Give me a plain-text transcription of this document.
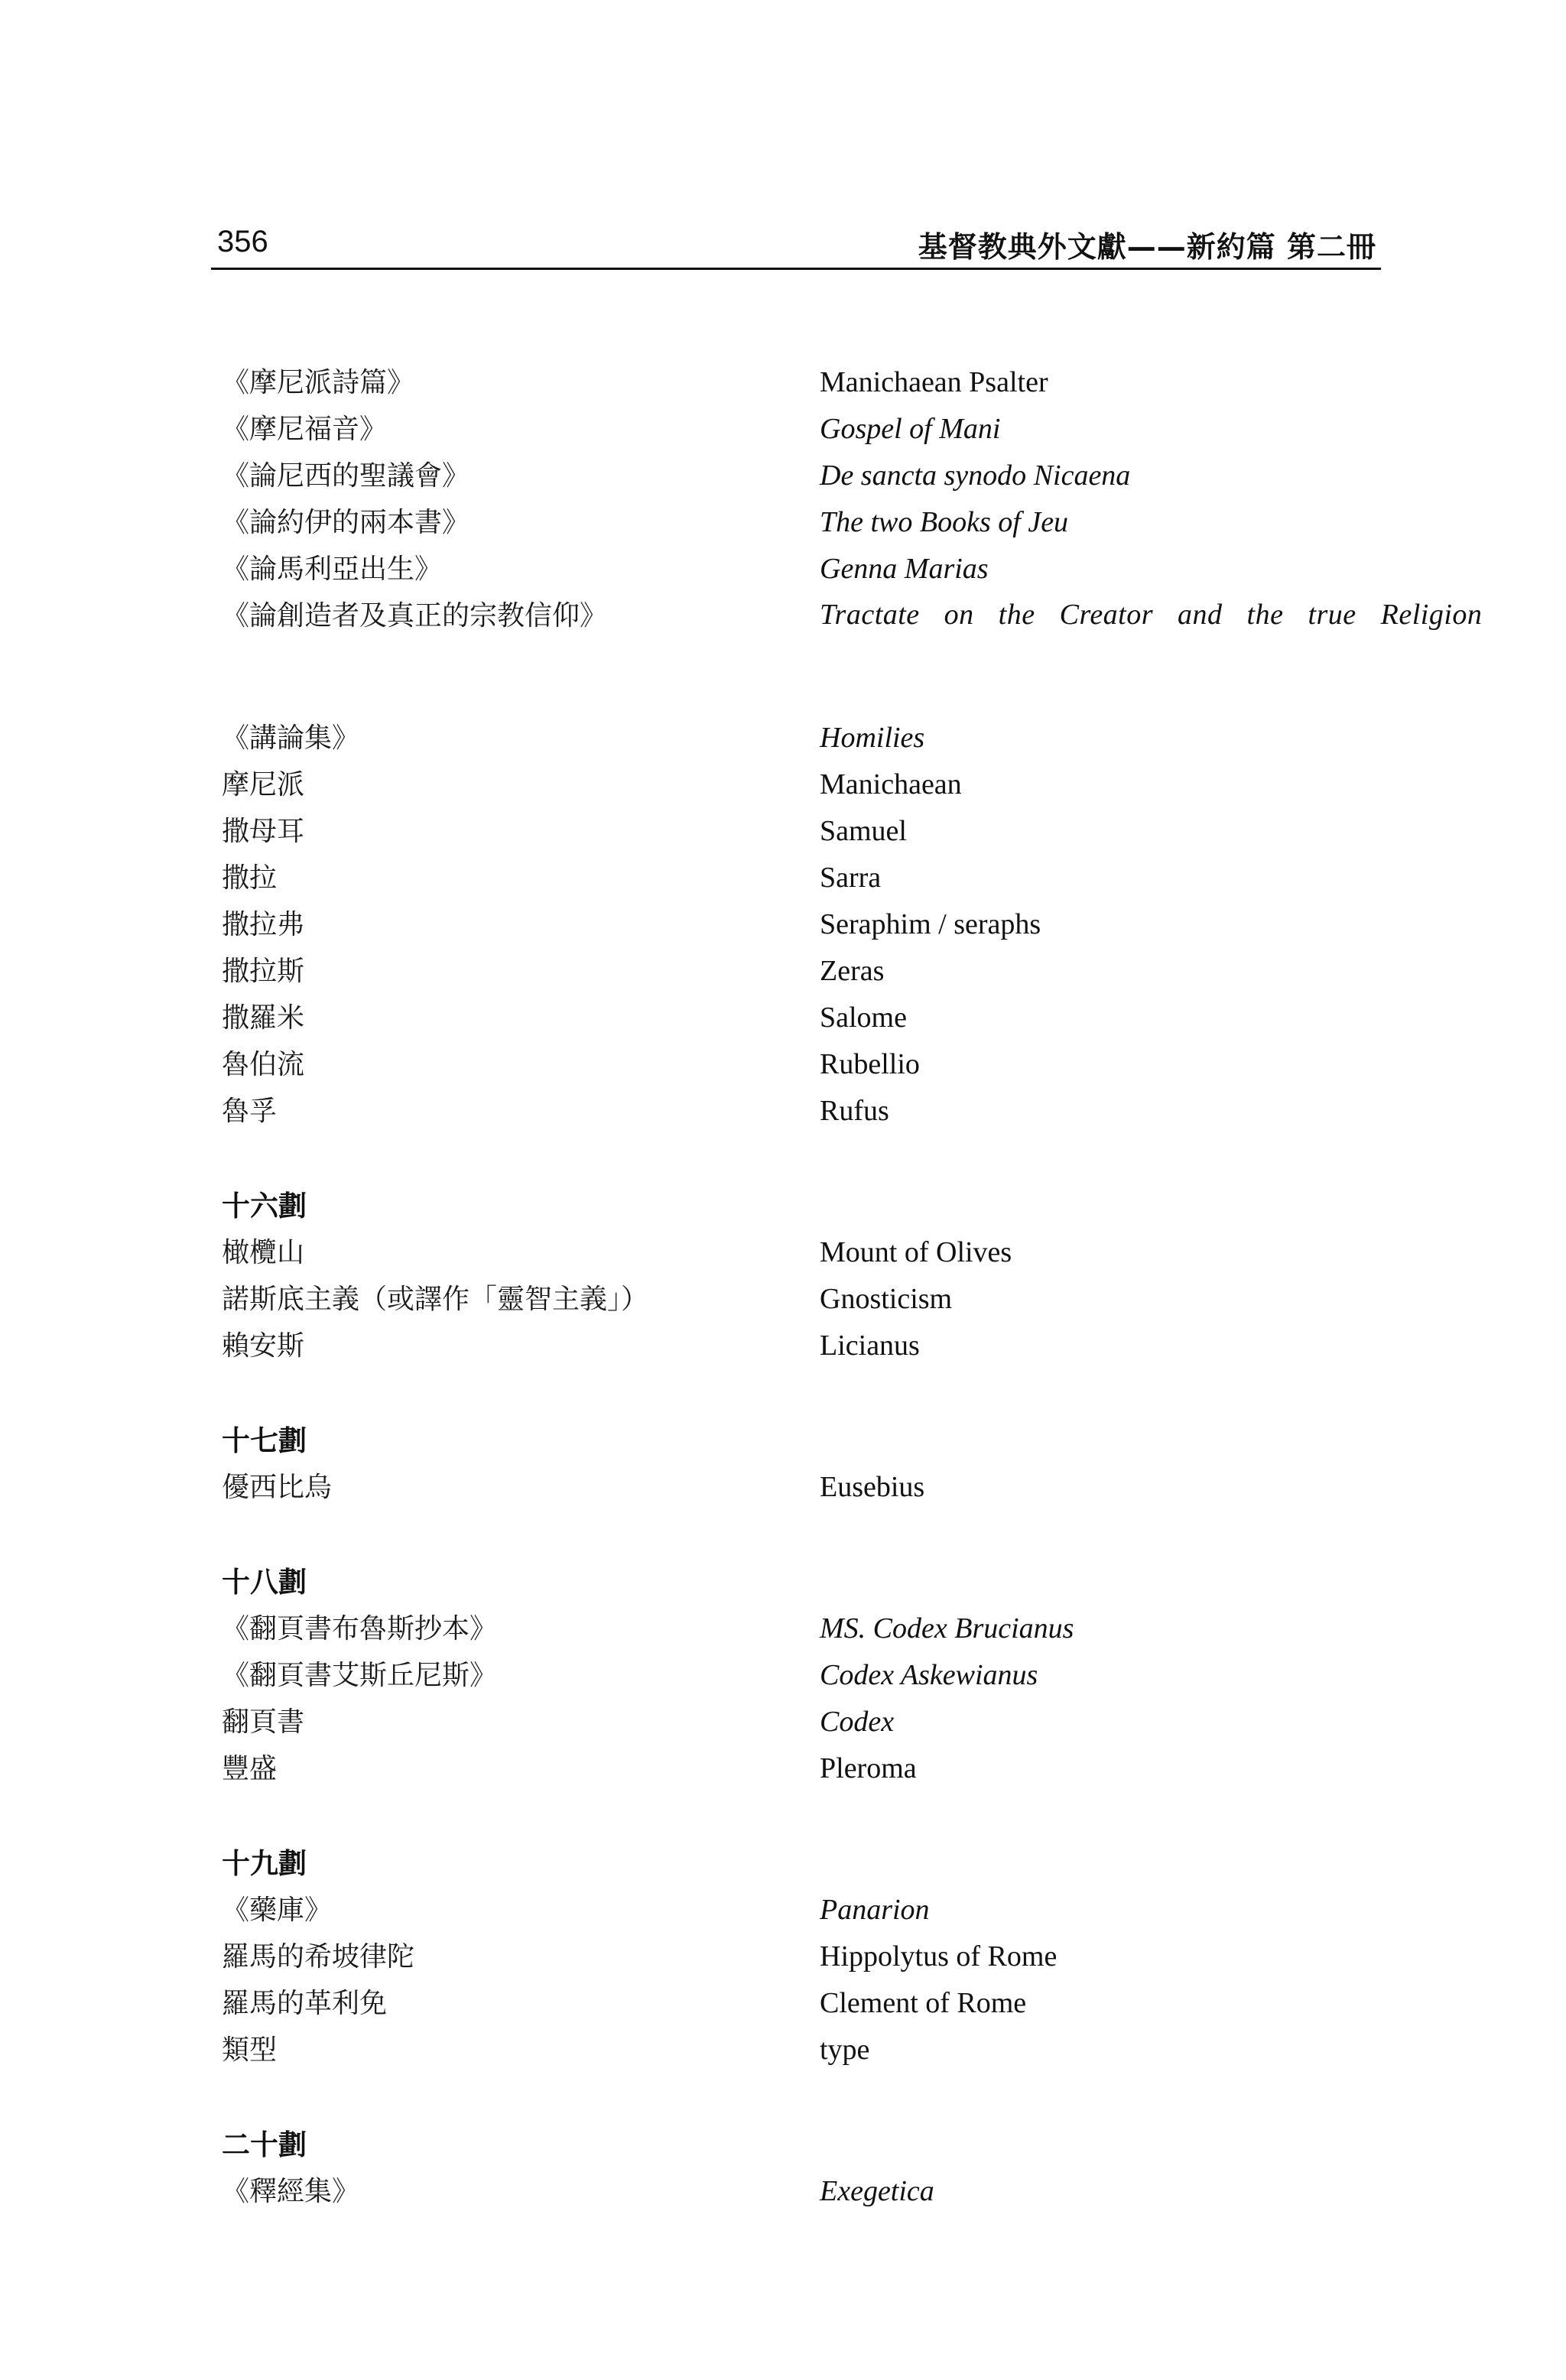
356	基督教典外文獻——新約篇 第二冊
《摩尼派詩篇》	Manichaean Psalter
《摩尼福音》	Gospel of Mani
《論尼西的聖議會》	De sancta synodo Nicaena
《論約伊的兩本書》	The two Books of Jeu
《論馬利亞出生》	Genna Marias
《論創造者及真正的宗教信仰》	Tractate on the Creator and the true Religion
《講論集》	Homilies
摩尼派	Manichaean
撒母耳	Samuel
撒拉	Sarra
撒拉弗	Seraphim / seraphs
撒拉斯	Zeras
撒羅米	Salome
魯伯流	Rubellio
魯孚	Rufus
十六劃
橄欖山	Mount of Olives
諾斯底主義（或譯作「靈智主義」）	Gnosticism
賴安斯	Licianus
十七劃
優西比烏	Eusebius
十八劃
《翻頁書布魯斯抄本》	MS. Codex Brucianus
《翻頁書艾斯丘尼斯》	Codex Askewianus
翻頁書	Codex
豐盛	Pleroma
十九劃
《藥庫》	Panarion
羅馬的希坡律陀	Hippolytus of Rome
羅馬的革利免	Clement of Rome
類型	type
二十劃
《釋經集》	Exegetica
